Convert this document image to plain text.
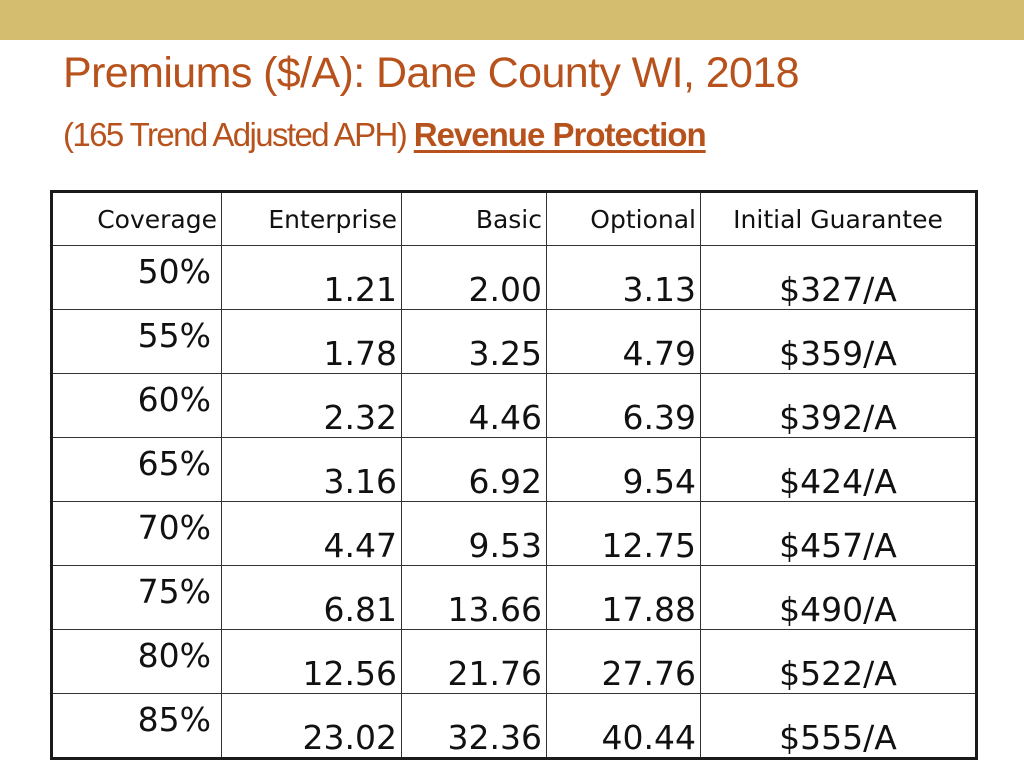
Premiums ($/A): Dane County WI, 2018
(165 Trend Adjusted APH) Revenue Protection
Coverage	Enterprise	Basic	Optional	Initial Guarantee
50%	1.21	2.00	3.13	$327/A
55%	1.78	3.25	4.79	$359/A
60%	2.32	4.46	6.39	$392/A
65%	3.16	6.92	9.54	$424/A
70%	4.47	9.53	12.75	$457/A
75%	6.81	13.66	17.88	$490/A
80%	12.56	21.76	27.76	$522/A
85%	23.02	32.36	40.44	$555/A
